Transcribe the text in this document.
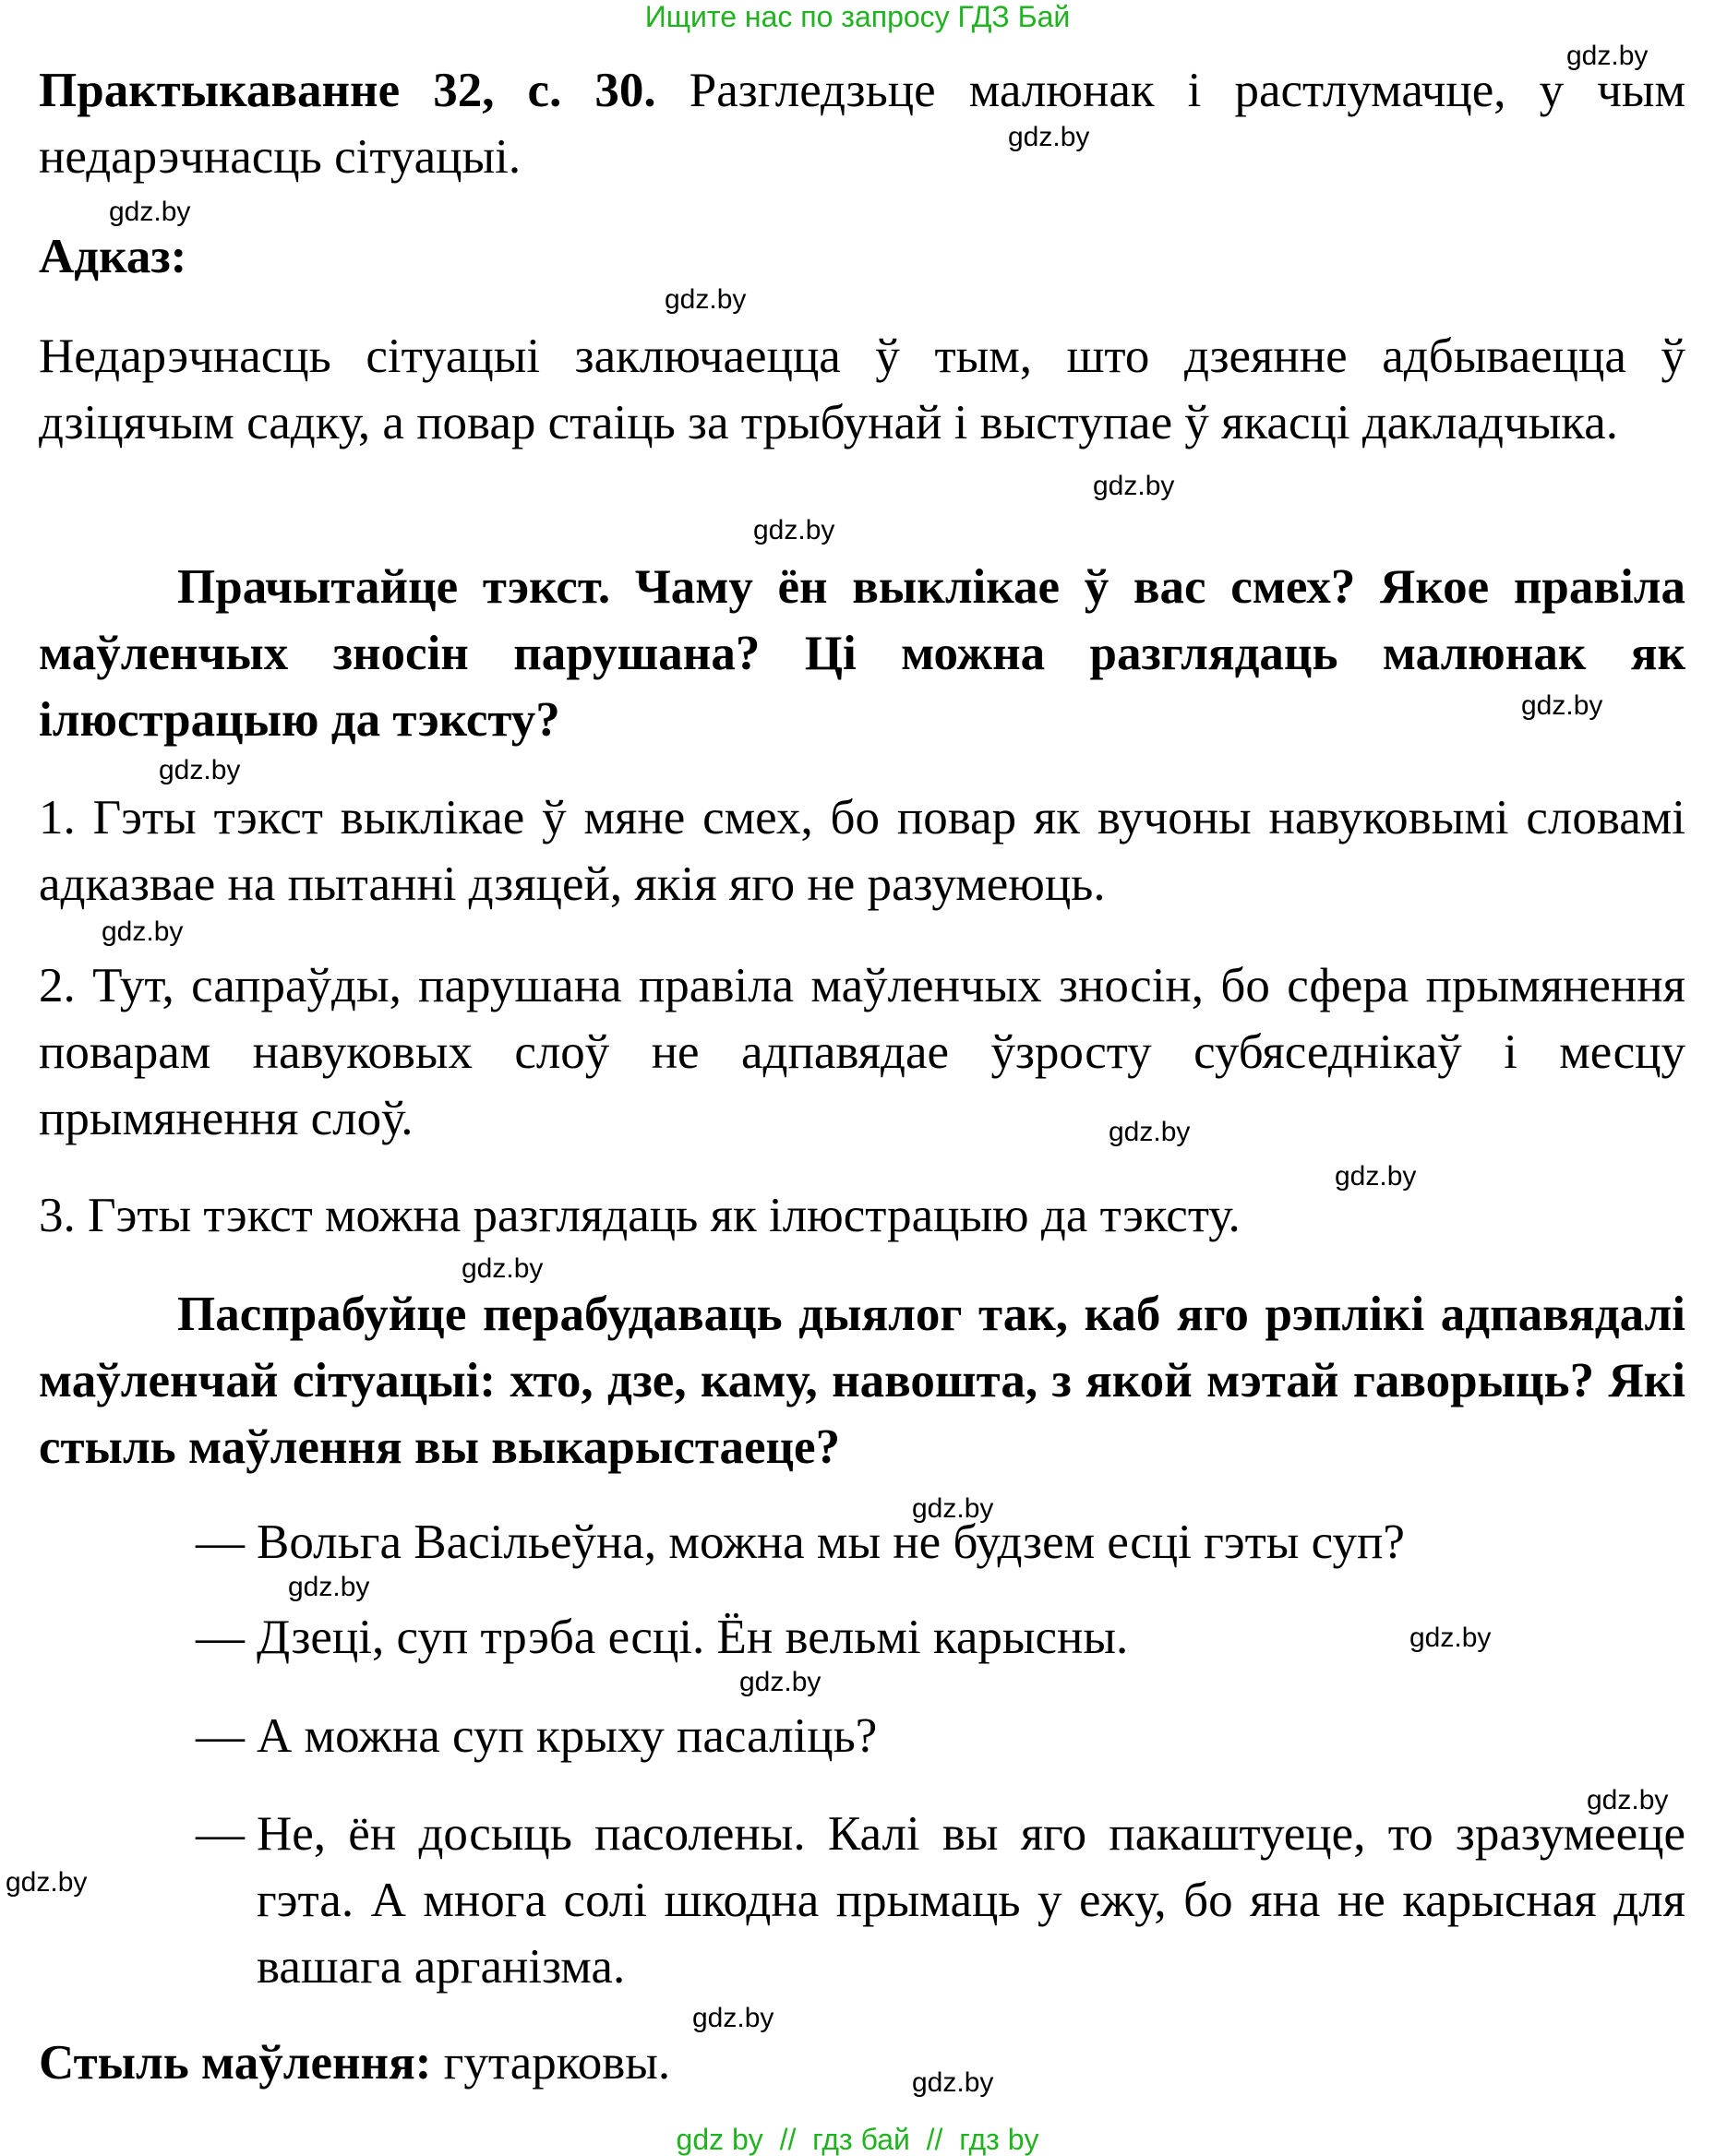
Ищите нас по запросу ГДЗ Бай
Практыкаванне 32, с. 30. Разгледзьце малюнак і растлумачце, у чым недарэчнасць сітуацыі.
Адказ:
Недарэчнасць сітуацыі заключаецца ў тым, што дзеянне адбываецца ў дзіцячым садку, а повар стаіць за трыбунай і выступае ў якасці дакладчыка.
Прачытайце тэкст. Чаму ён выклікае ў вас смех? Якое правіла маўленчых зносін парушана? Ці можна разглядаць малюнак як ілюстрацыю да тэксту?
1. Гэты тэкст выклікае ў мяне смех, бо повар як вучоны навуковымі словамі адказвае на пытанні дзяцей, якія яго не разумеюць.
2. Тут, сапраўды, парушана правіла маўленчых зносін, бо сфера прымянення поварам навуковых слоў не адпавядае ўзросту субяседнікаў і месцу прымянення слоў.
3. Гэты тэкст можна разглядаць як ілюстрацыю да тэксту.
Паспрабуйце перабудаваць дыялог так, каб яго рэплікі адпавядалі маўленчай сітуацыі: хто, дзе, каму, навошта, з якой мэтай гаворыць? Які стыль маўлення вы выкарыстаеце?
— Вольга Васільеўна, можна мы не будзем есці гэты суп?
— Дзеці, суп трэба есці. Ён вельмі карысны.
— А можна суп крыху пасаліць?
— Не, ён досыць пасолены. Калі вы яго пакаштуеце, то зразумееце гэта. А многа солі шкодна прымаць у ежу, бо яна не карысная для вашага арганізма.
Стыль маўлення: гутарковы.
gdz.by
gdz.by
gdz.by
gdz.by
gdz.by
gdz.by
gdz.by
gdz.by
gdz.by
gdz.by
gdz.by
gdz.by
gdz.by
gdz.by
gdz.by
gdz.by
gdz.by
gdz.by
gdz.by
gdz.by
gdz by  //  гдз бай  //  гдз by
